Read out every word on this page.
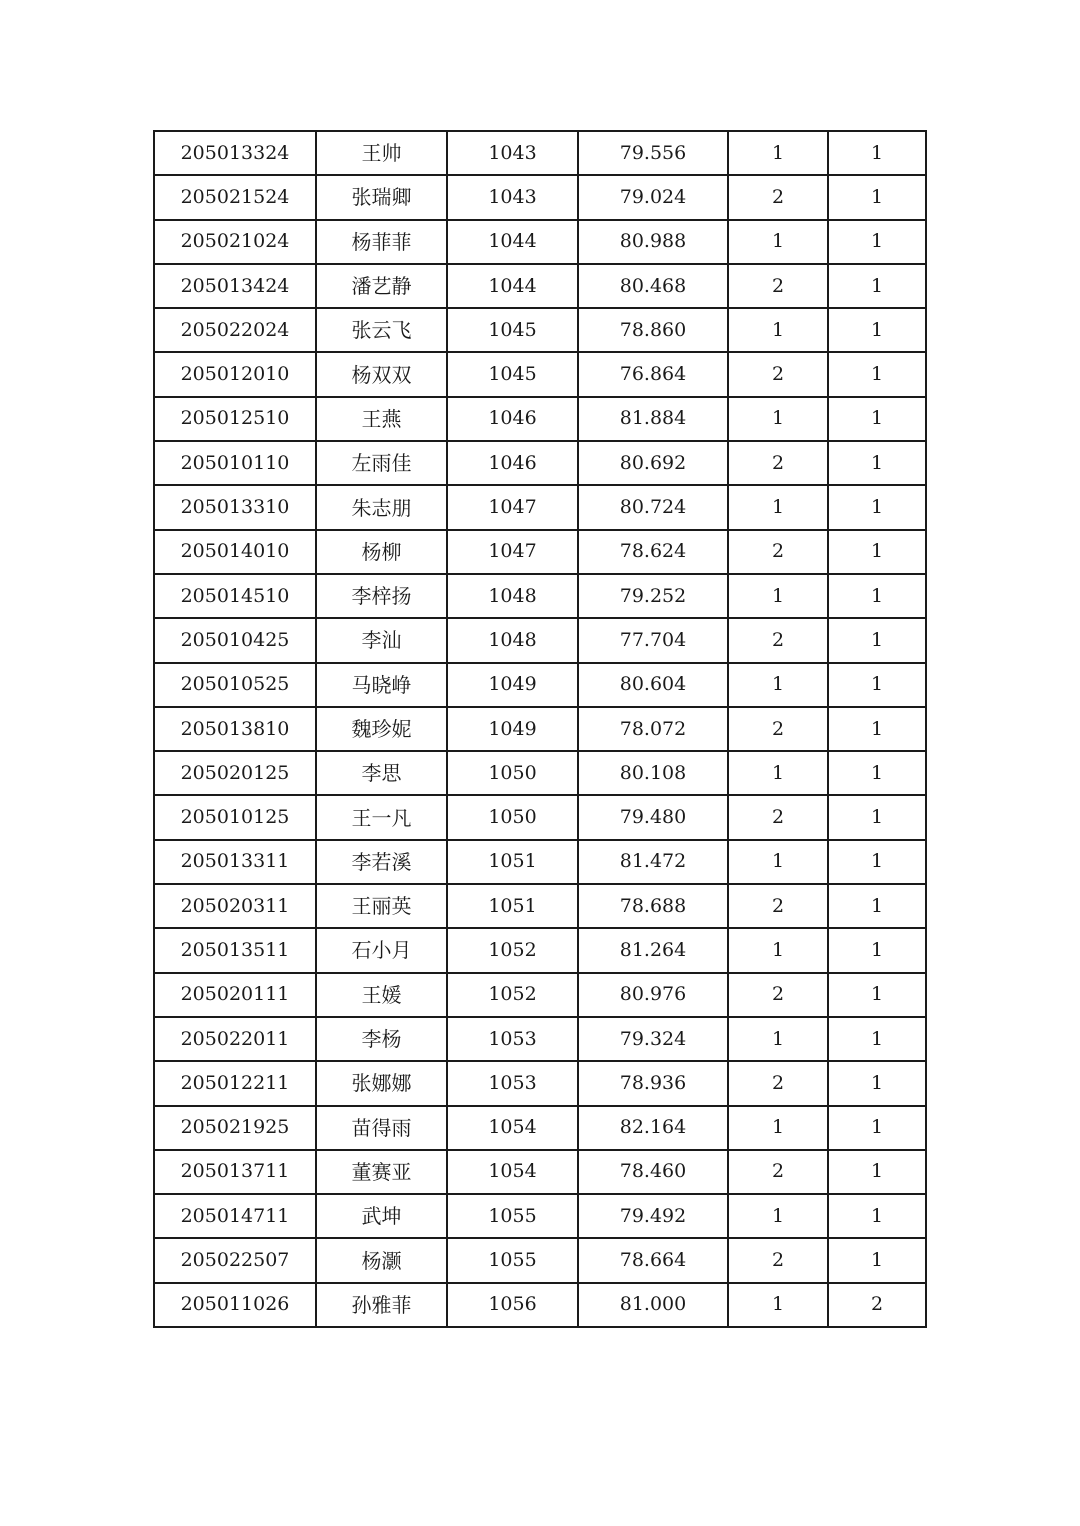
205013324	王帅	1043	79.556	1	1
205021524	张瑞卿	1043	79.024	2	1
205021024	杨菲菲	1044	80.988	1	1
205013424	潘艺静	1044	80.468	2	1
205022024	张云飞	1045	78.860	1	1
205012010	杨双双	1045	76.864	2	1
205012510	王燕	1046	81.884	1	1
205010110	左雨佳	1046	80.692	2	1
205013310	朱志朋	1047	80.724	1	1
205014010	杨柳	1047	78.624	2	1
205014510	李梓扬	1048	79.252	1	1
205010425	李汕	1048	77.704	2	1
205010525	马晓峥	1049	80.604	1	1
205013810	魏珍妮	1049	78.072	2	1
205020125	李思	1050	80.108	1	1
205010125	王一凡	1050	79.480	2	1
205013311	李若溪	1051	81.472	1	1
205020311	王丽英	1051	78.688	2	1
205013511	石小月	1052	81.264	1	1
205020111	王媛	1052	80.976	2	1
205022011	李杨	1053	79.324	1	1
205012211	张娜娜	1053	78.936	2	1
205021925	苗得雨	1054	82.164	1	1
205013711	董赛亚	1054	78.460	2	1
205014711	武坤	1055	79.492	1	1
205022507	杨灏	1055	78.664	2	1
205011026	孙雅菲	1056	81.000	1	2
